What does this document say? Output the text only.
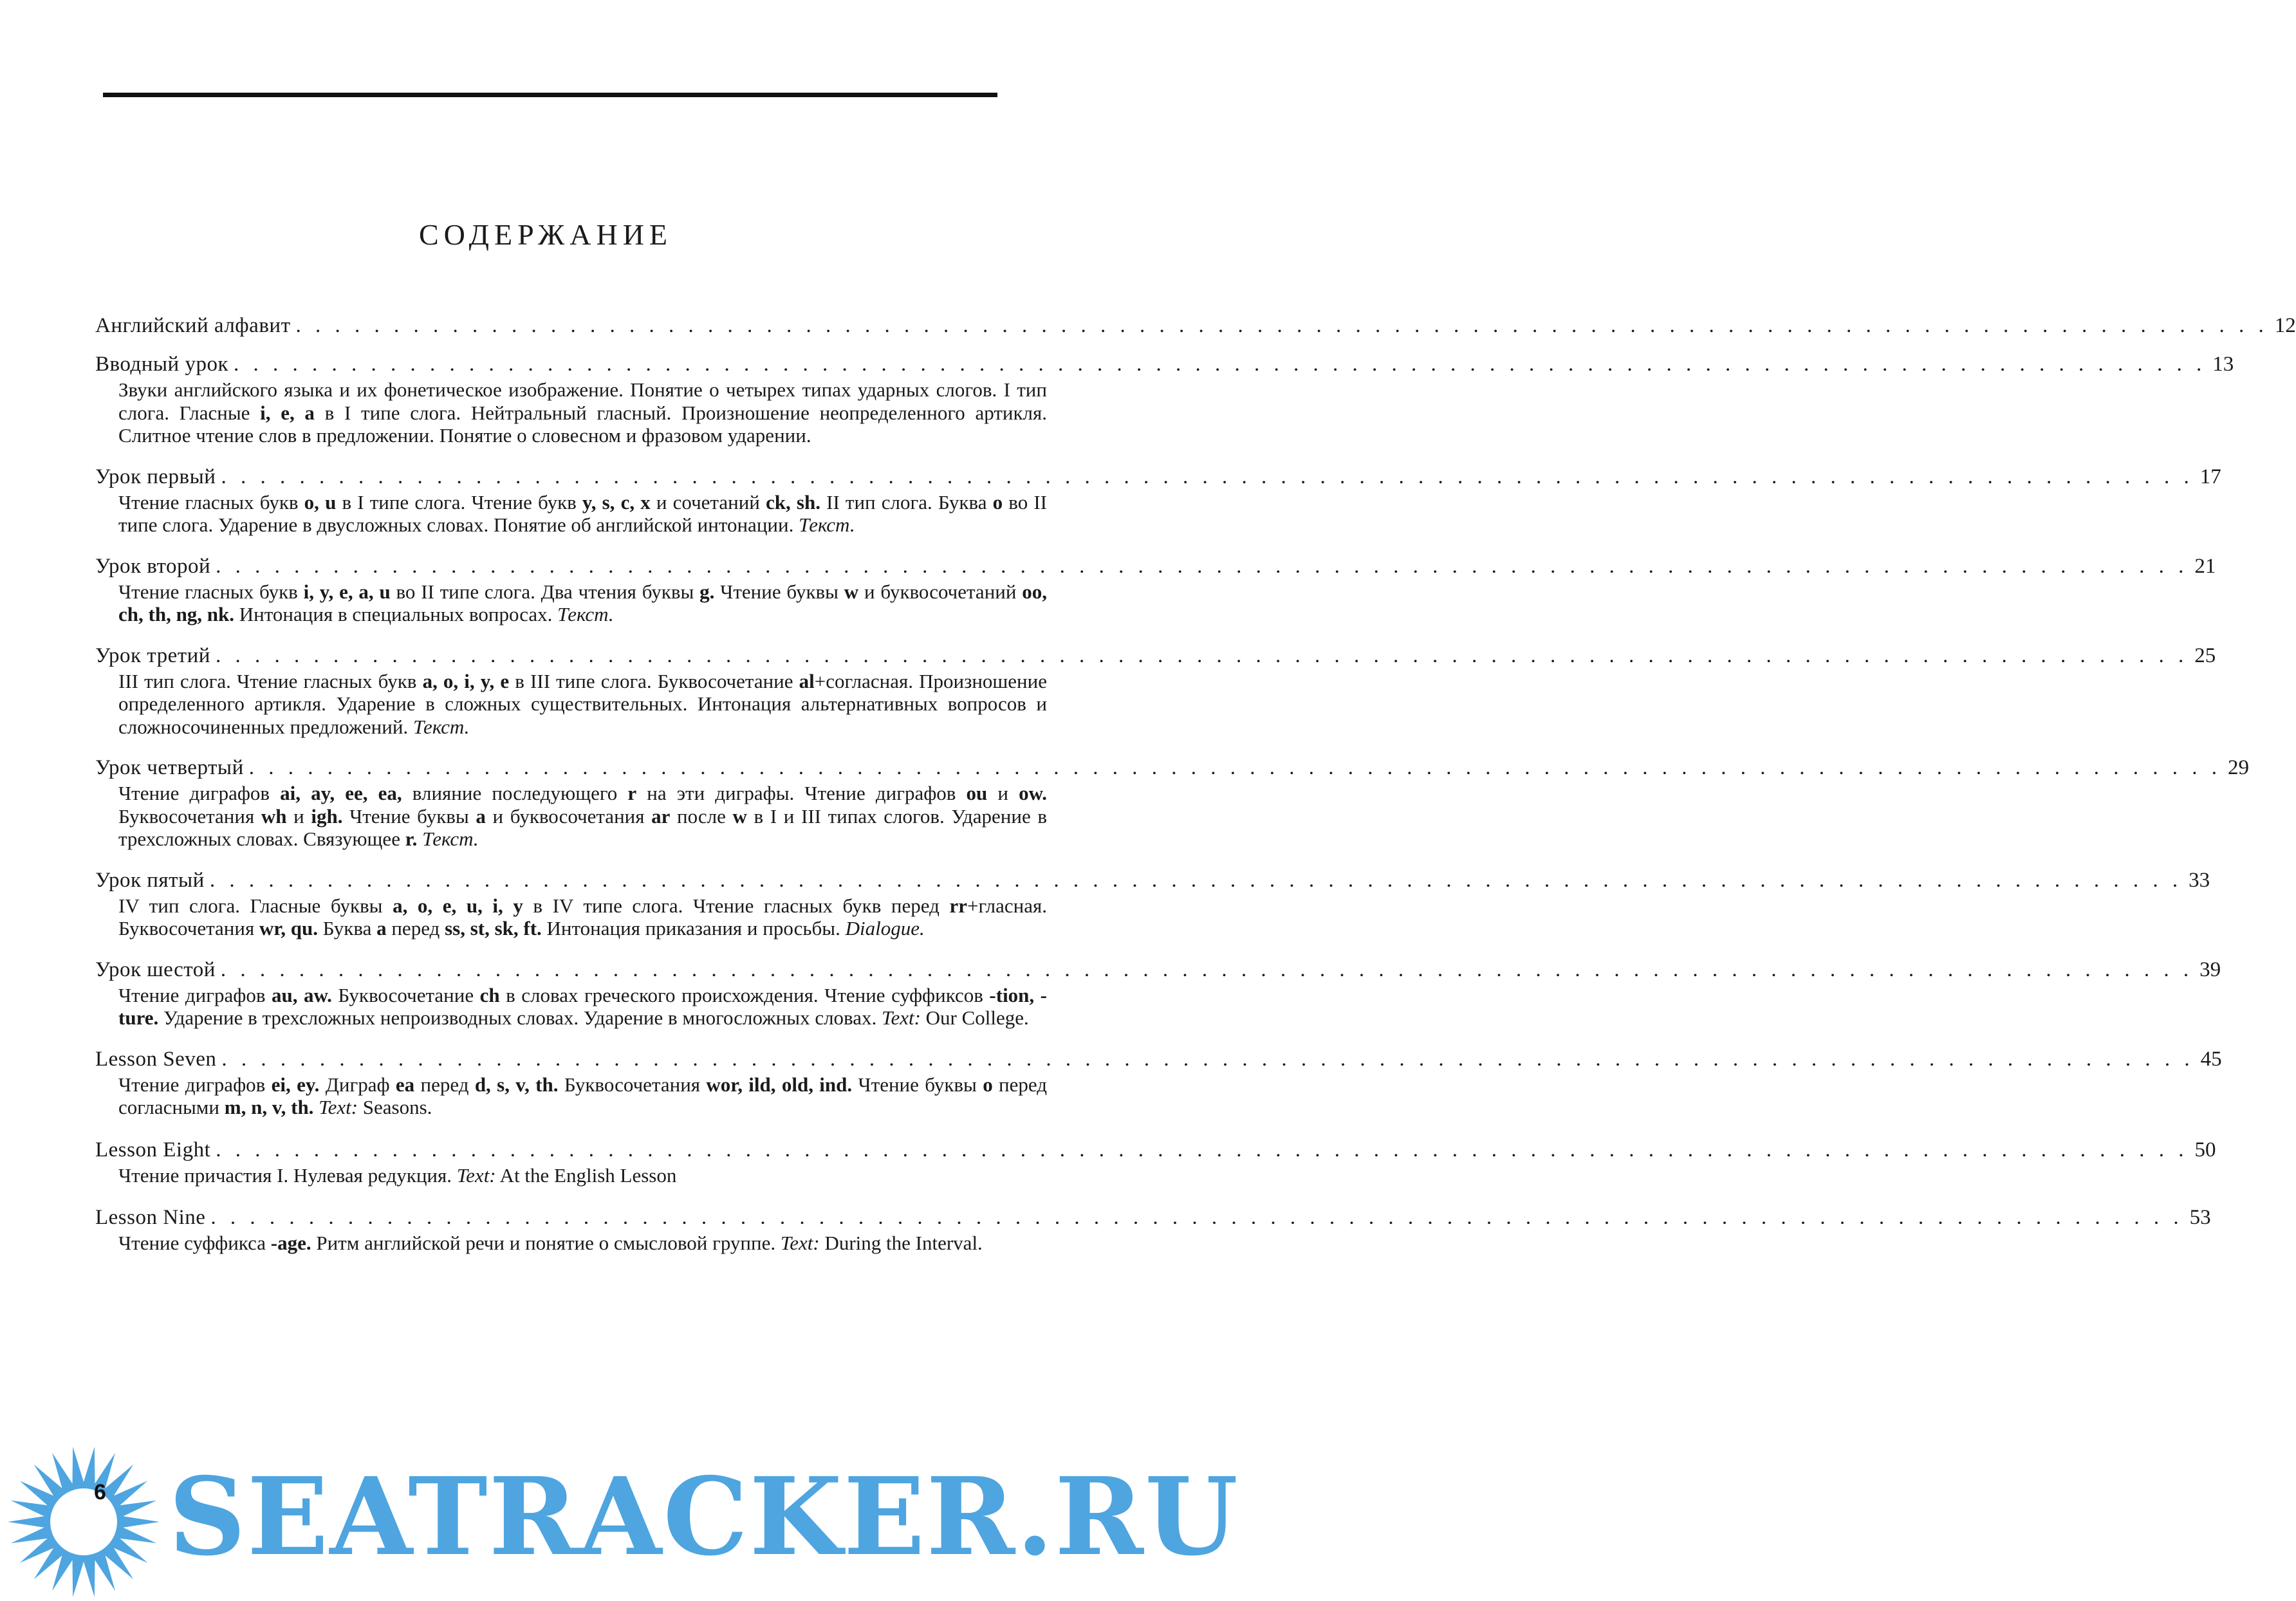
СОДЕРЖАНИЕ
Английский алфавит . . .	12
Вводный урок . . .	13

Звуки английского языка и их фонетическое изображение. Понятие о четырех типах ударных слогов. I тип слога. Гласные i, e, a в I типе слога. Нейтральный гласный. Произношение неопределенного артикля. Слитное чтение слов в предложении. Понятие о словесном и фразовом ударении.

Урок первый . . .	17

Чтение гласных букв o, u в I типе слога. Чтение букв y, s, c, x и сочетаний ck, sh. II тип слога. Буква o во II типе слога. Ударение в двусложных словах. Понятие об английской интонации. Текст.

Урок второй . . .	21

Чтение гласных букв i, y, e, a, u во II типе слога. Два чтения буквы g. Чтение буквы w и буквосочетаний oo, ch, th, ng, nk. Интонация в специальных вопросах. Текст.

Урок третий . . .	25

III тип слога. Чтение гласных букв a, o, i, y, e в III типе слога. Буквосочетание al+согласная. Произношение определенного артикля. Ударение в сложных существительных. Интонация альтернативных вопросов и сложносочиненных предложений. Текст.

Урок четвертый . . .	29

Чтение диграфов ai, ay, ee, ea, влияние последующего r на эти диграфы. Чтение диграфов ou и ow. Буквосочетания wh и igh. Чтение буквы a и буквосочетания ar после w в I и III типах слогов. Ударение в трехсложных словах. Связующее r. Текст.

Урок пятый . . .	33

IV тип слога. Гласные буквы a, o, e, u, i, y в IV типе слога. Чтение гласных букв перед rr+гласная. Буквосочетания wr, qu. Буква a перед ss, st, sk, ft. Интонация приказания и просьбы. Dialogue.

Урок шестой . . .	39

Чтение диграфов au, aw. Буквосочетание ch в словах греческого происхождения. Чтение суффиксов -tion, -ture. Ударение в трехсложных непроизводных словах. Ударение в многосложных словах. Text: Our College.

Lesson Seven . . .	45

Чтение диграфов ei, ey. Диграф ea перед d, s, v, th. Буквосочетания wor, ild, old, ind. Чтение буквы o перед согласными m, n, v, th. Text: Seasons.

Lesson Eight . . .	50

Чтение причастия I. Нулевая редукция. Text: At the English Lesson

Lesson Nine . . .	53

Чтение суффикса -age. Ритм английской речи и понятие о смысловой группе. Text: During the Interval.

SEATRACKER.RU
6
